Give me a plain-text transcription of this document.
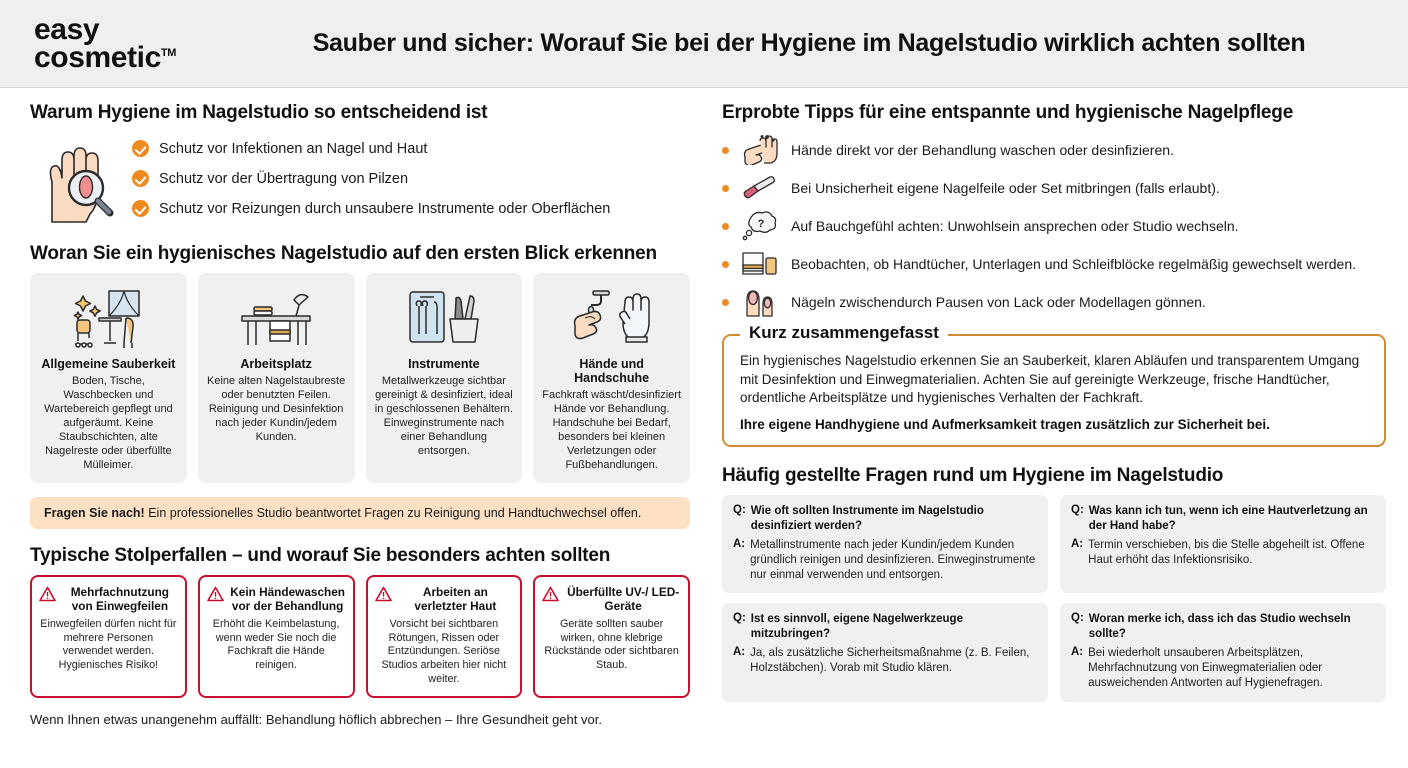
easy
cosmetic™	Sauber und sicher: Worauf Sie bei der Hygiene im Nagelstudio wirklich achten sollten
Warum Hygiene im Nagelstudio so entscheidend ist
Schutz vor Infektionen an Nagel und Haut
Schutz vor der Übertragung von Pilzen
Schutz vor Reizungen durch unsaubere Instrumente oder Oberflächen
Woran Sie ein hygienisches Nagelstudio auf den ersten Blick erkennen
Allgemeine Sauberkeit
Boden, Tische, Waschbecken und Wartebereich gepflegt und aufgeräumt. Keine Staubschichten, alte Nagelreste oder überfüllte Mülleimer.
Arbeitsplatz
Keine alten Nagelstaubreste oder benutzten Feilen. Reinigung und Desinfektion nach jeder Kundin/jedem Kunden.
Instrumente
Metallwerkzeuge sichtbar gereinigt & desinfiziert, ideal in geschlossenen Behältern. Einweginstrumente nach einer Behandlung entsorgen.
Hände und Handschuhe
Fachkraft wäscht/desinfiziert Hände vor Behandlung. Handschuhe bei Bedarf, besonders bei kleinen Verletzungen oder Fußbehandlungen.
Fragen Sie nach! Ein professionelles Studio beantwortet Fragen zu Reinigung und Handtuchwechsel offen.
Typische Stolperfallen – und worauf Sie besonders achten sollten
Mehrfachnutzung von Einwegfeilen
Einwegfeilen dürfen nicht für mehrere Personen verwendet werden. Hygienisches Risiko!
Kein Händewaschen vor der Behandlung
Erhöht die Keimbelastung, wenn weder Sie noch die Fachkraft die Hände reinigen.
Arbeiten an verletzter Haut
Vorsicht bei sichtbaren Rötungen, Rissen oder Entzündungen. Seriöse Studios arbeiten hier nicht weiter.
Überfüllte UV-/ LED-Geräte
Geräte sollten sauber wirken, ohne klebrige Rückstände oder sichtbaren Staub.
Wenn Ihnen etwas unangenehm auffällt: Behandlung höflich abbrechen – Ihre Gesundheit geht vor.
Erprobte Tipps für eine entspannte und hygienische Nagelpflege
Hände direkt vor der Behandlung waschen oder desinfizieren.
Bei Unsicherheit eigene Nagelfeile oder Set mitbringen (falls erlaubt).
? Auf Bauchgefühl achten: Unwohlsein ansprechen oder Studio wechseln.
Beobachten, ob Handtücher, Unterlagen und Schleifblöcke regelmäßig gewechselt werden.
Nägeln zwischendurch Pausen von Lack oder Modellagen gönnen.
Kurz zusammengefasst

Ein hygienisches Nagelstudio erkennen Sie an Sauberkeit, klaren Abläufen und transparentem Umgang mit Desinfektion und Einwegmaterialien. Achten Sie auf gereinigte Werkzeuge, frische Handtücher, ordentliche Arbeitsplätze und hygienisches Verhalten der Fachkraft.

Ihre eigene Handhygiene und Aufmerksamkeit tragen zusätzlich zur Sicherheit bei.

Häufig gestellte Fragen rund um Hygiene im Nagelstudio
Q: Wie oft sollten Instrumente im Nagelstudio desinfiziert werden?
A: Metallinstrumente nach jeder Kundin/jedem Kunden gründlich reinigen und desinfizieren. Einweginstrumente nur einmal verwenden und entsorgen.
Q: Was kann ich tun, wenn ich eine Hautverletzung an der Hand habe?
A: Termin verschieben, bis die Stelle abgeheilt ist. Offene Haut erhöht das Infektionsrisiko.
Q: Ist es sinnvoll, eigene Nagelwerkzeuge mitzubringen?
A: Ja, als zusätzliche Sicherheitsmaßnahme (z. B. Feilen, Holzstäbchen). Vorab mit Studio klären.
Q: Woran merke ich, dass ich das Studio wechseln sollte?
A: Bei wiederholt unsauberen Arbeitsplätzen, Mehrfachnutzung von Einwegmaterialien oder ausweichenden Antworten auf Hygienefragen.
